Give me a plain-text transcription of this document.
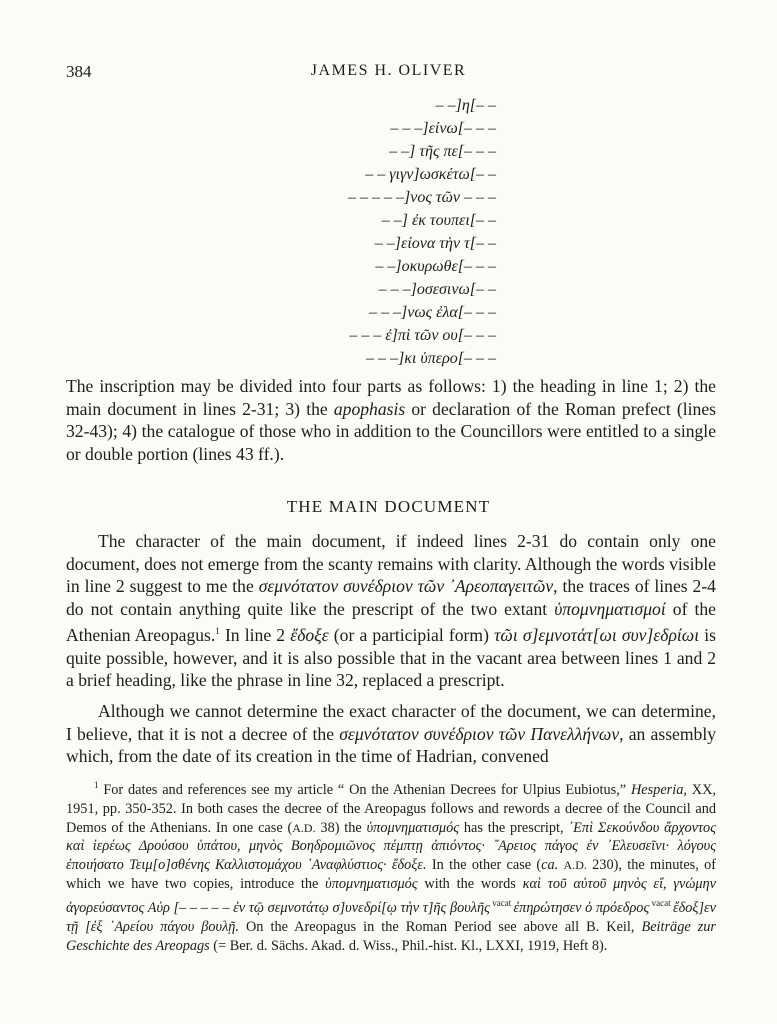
384	JAMES H. OLIVER
– –]η[– –
– – –]είνω[– – –
– –] τῆς πε[– – –
– – γιγν]ωσκέτω[– –
– – – – –]νος τῶν – – –
– –] ἐκ τουπει[– –
– –]είονα τὴν τ[– –
– –]οκυρωθε[– – –
– – –]οσεσινω[– –
– – –]νως ἐλα[– – –
– – – ἐ]πὶ τῶν ου[– – –
– – –]κι ὑπερο[– – –

The inscription may be divided into four parts as follows: 1) the heading in line 1; 2) the main document in lines 2-31; 3) the apophasis or declaration of the Roman prefect (lines 32-43); 4) the catalogue of those who in addition to the Councillors were entitled to a single or double portion (lines 43 ff.).

THE MAIN DOCUMENT

The character of the main document, if indeed lines 2-31 do contain only one document, does not emerge from the scanty remains with clarity. Although the words visible in line 2 suggest to me the σεμνότατον συνέδριον τῶν ᾿Αρεοπαγειτῶν, the traces of lines 2-4 do not contain anything quite like the prescript of the two extant ὑπομνηματισμοί of the Athenian Areopagus.$^1$ In line 2 ἔδοξε (or a participial form) τῶι σ]εμνοτάτ[ωι συν]εδρίωι is quite possible, however, and it is also possible that in the vacant area between lines 1 and 2 a brief heading, like the phrase in line 32, replaced a prescript.

Although we cannot determine the exact character of the document, we can determine, I believe, that it is not a decree of the σεμνότατον συνέδριον τῶν Πανελλήνων, an assembly which, from the date of its creation in the time of Hadrian, convened

$^1$ For dates and references see my article “ On the Athenian Decrees for Ulpius Eubiotus,” Hesperia, XX, 1951, pp. 350-352. In both cases the decree of the Areopagus follows and rewords a decree of the Council and Demos of the Athenians. In one case (A.D. 38) the ὑπομνηματισμός has the prescript, ᾿Επὶ Σεκούνδου ἄρχοντος καὶ ἱερέως Δρούσου ὑπάτου, μηνὸς Βοηδρομιῶνος πέμπτῃ ἀπιόντος· ῎Αρειος πάγος ἐν ᾿Ελευσεῖνι· λόγους ἐποιήσατο Τειμ[ο]σθένης Καλλιστομάχου ᾿Αναφλύστιος· ἔδοξε. In the other case (ca. A.D. 230), the minutes, of which we have two copies, introduce the ὑπομνηματισμός with the words καὶ τοῦ αὐτοῦ μηνὸς εἴ, γνώμην ἀγορεύσαντος Αὐρ [– – – – – ἐν τῷ σεμνοτάτῳ σ]υνεδρί[ῳ τὴν τ]ῆς βουλῆς $^{vacat}$ ἐπηρώτησεν ὁ πρόεδρος $^{vacat}$ ἔδοξ]εν τῇ [ἐξ ᾿Αρείου πάγου βουλῇ. On the Areopagus in the Roman Period see above all B. Keil, Beiträge zur Geschichte des Areopags (= Ber. d. Sächs. Akad. d. Wiss., Phil.-hist. Kl., LXXI, 1919, Heft 8).
